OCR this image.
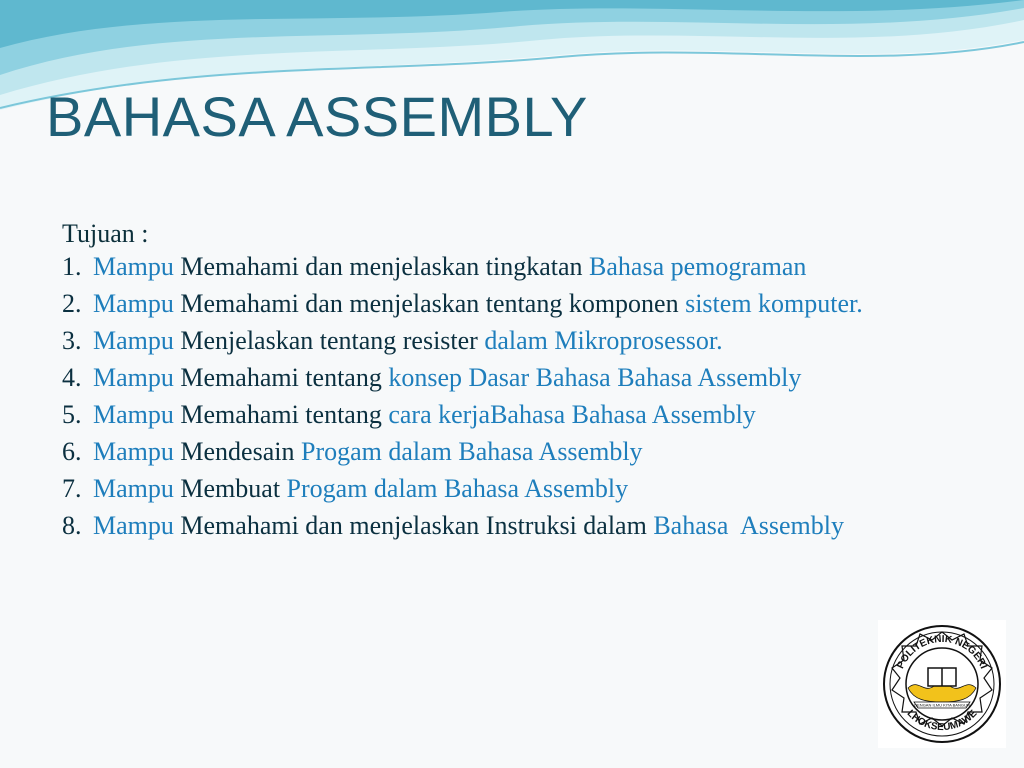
BAHASA ASSEMBLY
Tujuan :
1. Mampu Memahami dan menjelaskan tingkatan Bahasa pemograman
2. Mampu Memahami dan menjelaskan tentang komponen sistem komputer.
3. Mampu Menjelaskan tentang resister dalam Mikroprosessor.
4. Mampu Memahami tentang konsep Dasar Bahasa Bahasa Assembly
5. Mampu Memahami tentang cara kerjaBahasa Bahasa Assembly
6. Mampu Mendesain Progam dalam Bahasa Assembly
7. Mampu Membuat Progam dalam Bahasa Assembly
8. Mampu Memahami dan menjelaskan Instruksi dalam Bahasa  Assembly
POLITEKNIK NEGERI
LHOKSEUMAWE
DENGAN ILMU KITA BANGUN
